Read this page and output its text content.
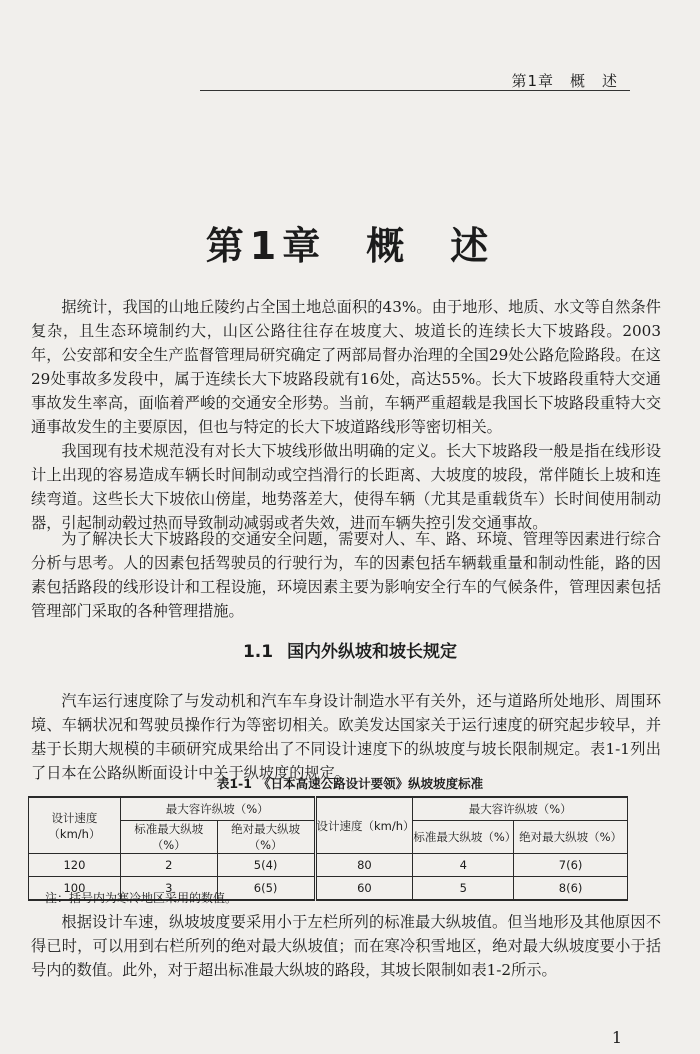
第1章　概　述
第1章 概 述

据统计，我国的山地丘陵约占全国土地总面积的43%。由于地形、地质、水文等自然条件复杂，且生态环境制约大，山区公路往往存在坡度大、坡道长的连续长大下坡路段。2003年，公安部和安全生产监督管理局研究确定了两部局督办治理的全国29处公路危险路段。在这29处事故多发段中，属于连续长大下坡路段就有16处，高达55%。长大下坡路段重特大交通事故发生率高，面临着严峻的交通安全形势。当前，车辆严重超载是我国长下坡路段重特大交通事故发生的主要原因，但也与特定的长大下坡道路线形等密切相关。

我国现有技术规范没有对长大下坡线形做出明确的定义。长大下坡路段一般是指在线形设计上出现的容易造成车辆长时间制动或空挡滑行的长距离、大坡度的坡段，常伴随长上坡和连续弯道。这些长大下坡依山傍崖，地势落差大，使得车辆（尤其是重载货车）长时间使用制动器，引起制动毂过热而导致制动减弱或者失效，进而车辆失控引发交通事故。

为了解决长大下坡路段的交通安全问题，需要对人、车、路、环境、管理等因素进行综合分析与思考。人的因素包括驾驶员的行驶行为，车的因素包括车辆载重量和制动性能，路的因素包括路段的线形设计和工程设施，环境因素主要为影响安全行车的气候条件，管理因素包括管理部门采取的各种管理措施。

1.1 国内外纵坡和坡长规定

汽车运行速度除了与发动机和汽车车身设计制造水平有关外，还与道路所处地形、周围环境、车辆状况和驾驶员操作行为等密切相关。欧美发达国家关于运行速度的研究起步较早，并基于长期大规模的丰硕研究成果给出了不同设计速度下的纵坡度与坡长限制规定。表1-1列出了日本在公路纵断面设计中关于纵坡度的规定。

表1-1　《日本高速公路设计要领》纵坡坡度标准
设计速度（km/h）	最大容许纵坡（%）		设计速度（km/h）	最大容许纵坡（%）	
	标准最大纵坡（%）	绝对最大纵坡（%）		标准最大纵坡（%）	绝对最大纵坡（%）
120	2	5(4)	80	4	7(6)
100	3	6(5)	60	5	8(6)
注：括号内为寒冷地区采用的数值。

根据设计车速，纵坡坡度要采用小于左栏所列的标准最大纵坡值。但当地形及其他原因不得已时，可以用到右栏所列的绝对最大纵坡值；而在寒冷积雪地区，绝对最大纵坡度要小于括号内的数值。此外，对于超出标准最大纵坡的路段，其坡长限制如表1-2所示。

1
